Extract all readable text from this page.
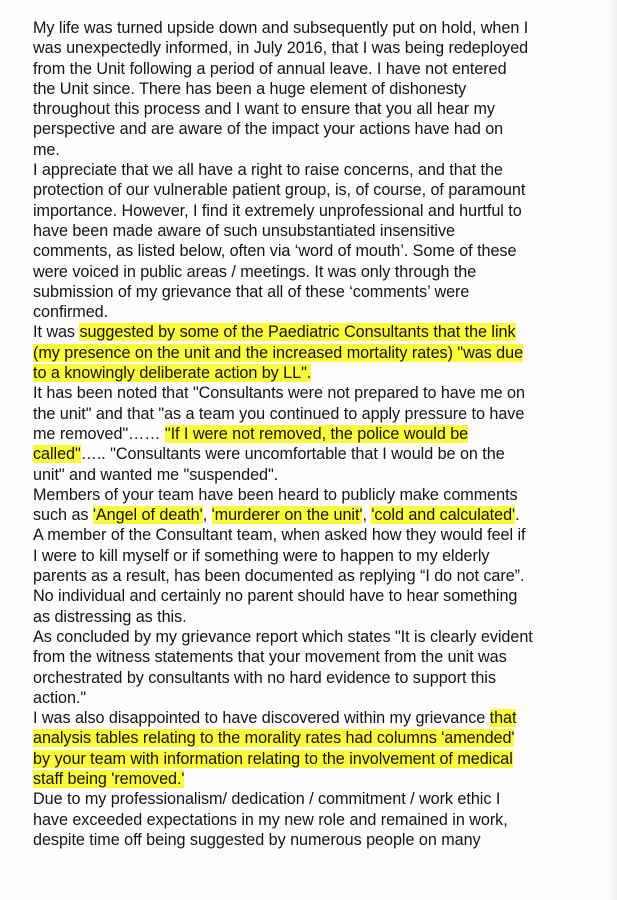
My life was turned upside down and subsequently put on hold, when I
was unexpectedly informed, in July 2016, that I was being redeployed
from the Unit following a period of annual leave. I have not entered
the Unit since. There has been a huge element of dishonesty
throughout this process and I want to ensure that you all hear my
perspective and are aware of the impact your actions have had on
me.
I appreciate that we all have a right to raise concerns, and that the
protection of our vulnerable patient group, is, of course, of paramount
importance. However, I find it extremely unprofessional and hurtful to
have been made aware of such unsubstantiated insensitive
comments, as listed below, often via ‘word of mouth’. Some of these
were voiced in public areas / meetings. It was only through the
submission of my grievance that all of these ‘comments’ were
confirmed.
It was suggested by some of the Paediatric Consultants that the link
(my presence on the unit and the increased mortality rates) "was due
to a knowingly deliberate action by LL".
It has been noted that "Consultants were not prepared to have me on
the unit" and that "as a team you continued to apply pressure to have
me removed"…… "If I were not removed, the police would be
called"….. "Consultants were uncomfortable that I would be on the
unit" and wanted me "suspended".
Members of your team have been heard to publicly make comments
such as 'Angel of death', 'murderer on the unit', 'cold and calculated'.
A member of the Consultant team, when asked how they would feel if
I were to kill myself or if something were to happen to my elderly
parents as a result, has been documented as replying “I do not care”.
No individual and certainly no parent should have to hear something
as distressing as this.
As concluded by my grievance report which states "It is clearly evident
from the witness statements that your movement from the unit was
orchestrated by consultants with no hard evidence to support this
action."
I was also disappointed to have discovered within my grievance that
analysis tables relating to the morality rates had columns 'amended'
by your team with information relating to the involvement of medical
staff being 'removed.'
Due to my professionalism/ dedication / commitment / work ethic I
have exceeded expectations in my new role and remained in work,
despite time off being suggested by numerous people on many
